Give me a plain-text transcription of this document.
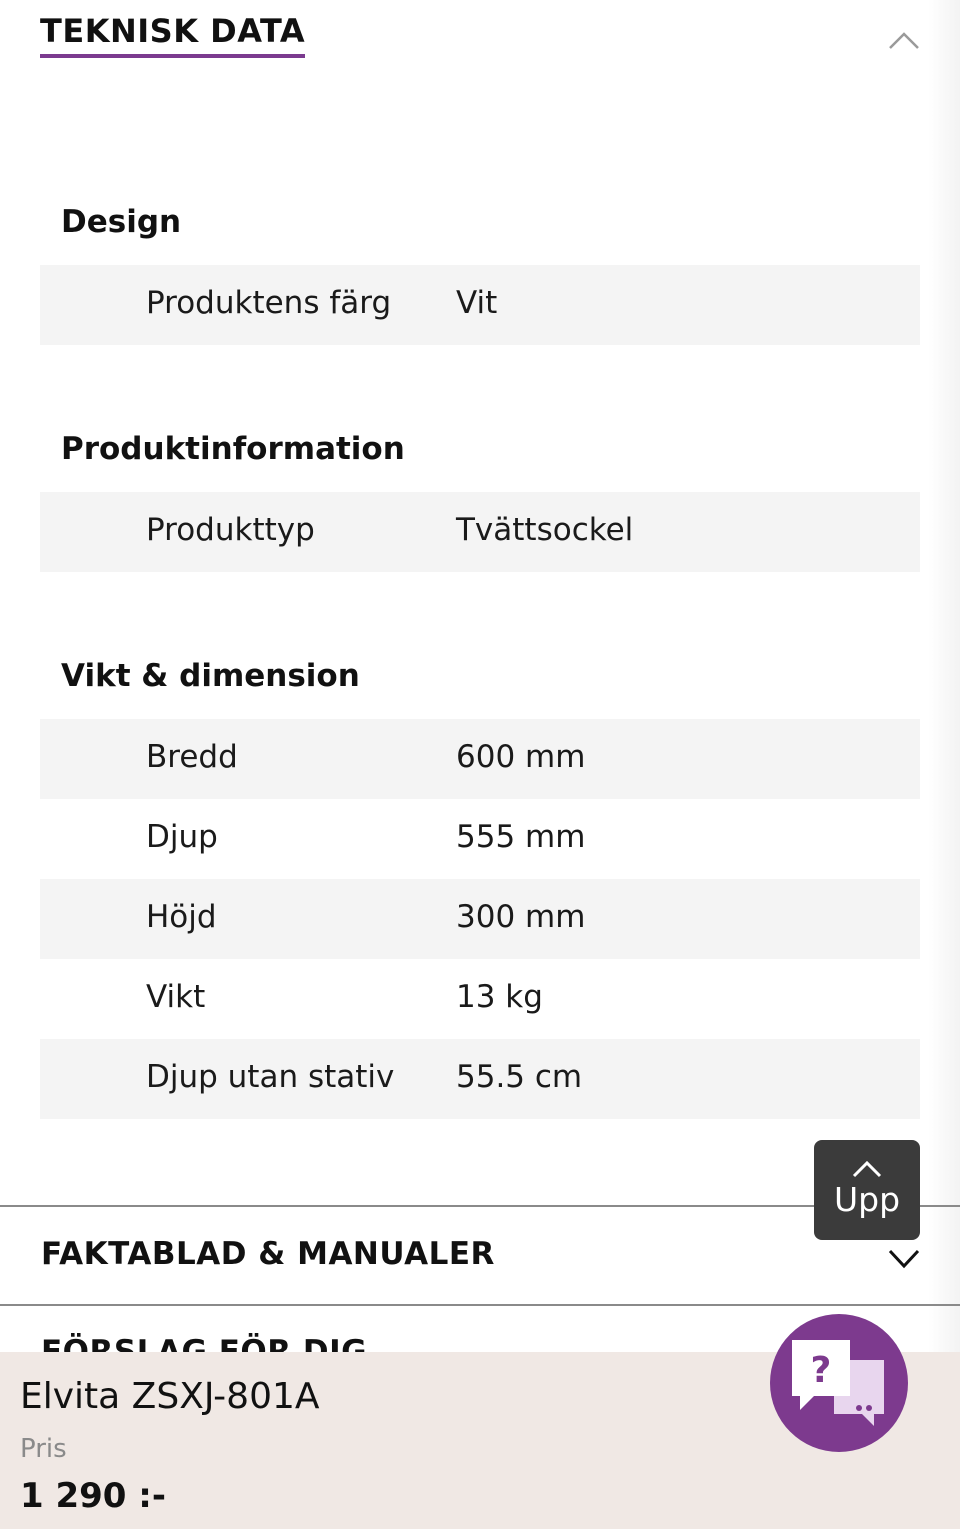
TEKNISK DATA
Design
Produktens färg Vit
Produktinformation
Produkttyp	Tvättsockel
Vikt & dimension
Bredd	600 mm
Djup	555 mm
Höjd	300 mm
Vikt	13 kg
Djup utan stativ 55.5 cm
FAKTABLAD & MANUALER
Upp
Elvita ZSXJ-801A
Pris
1 290 :-
?
